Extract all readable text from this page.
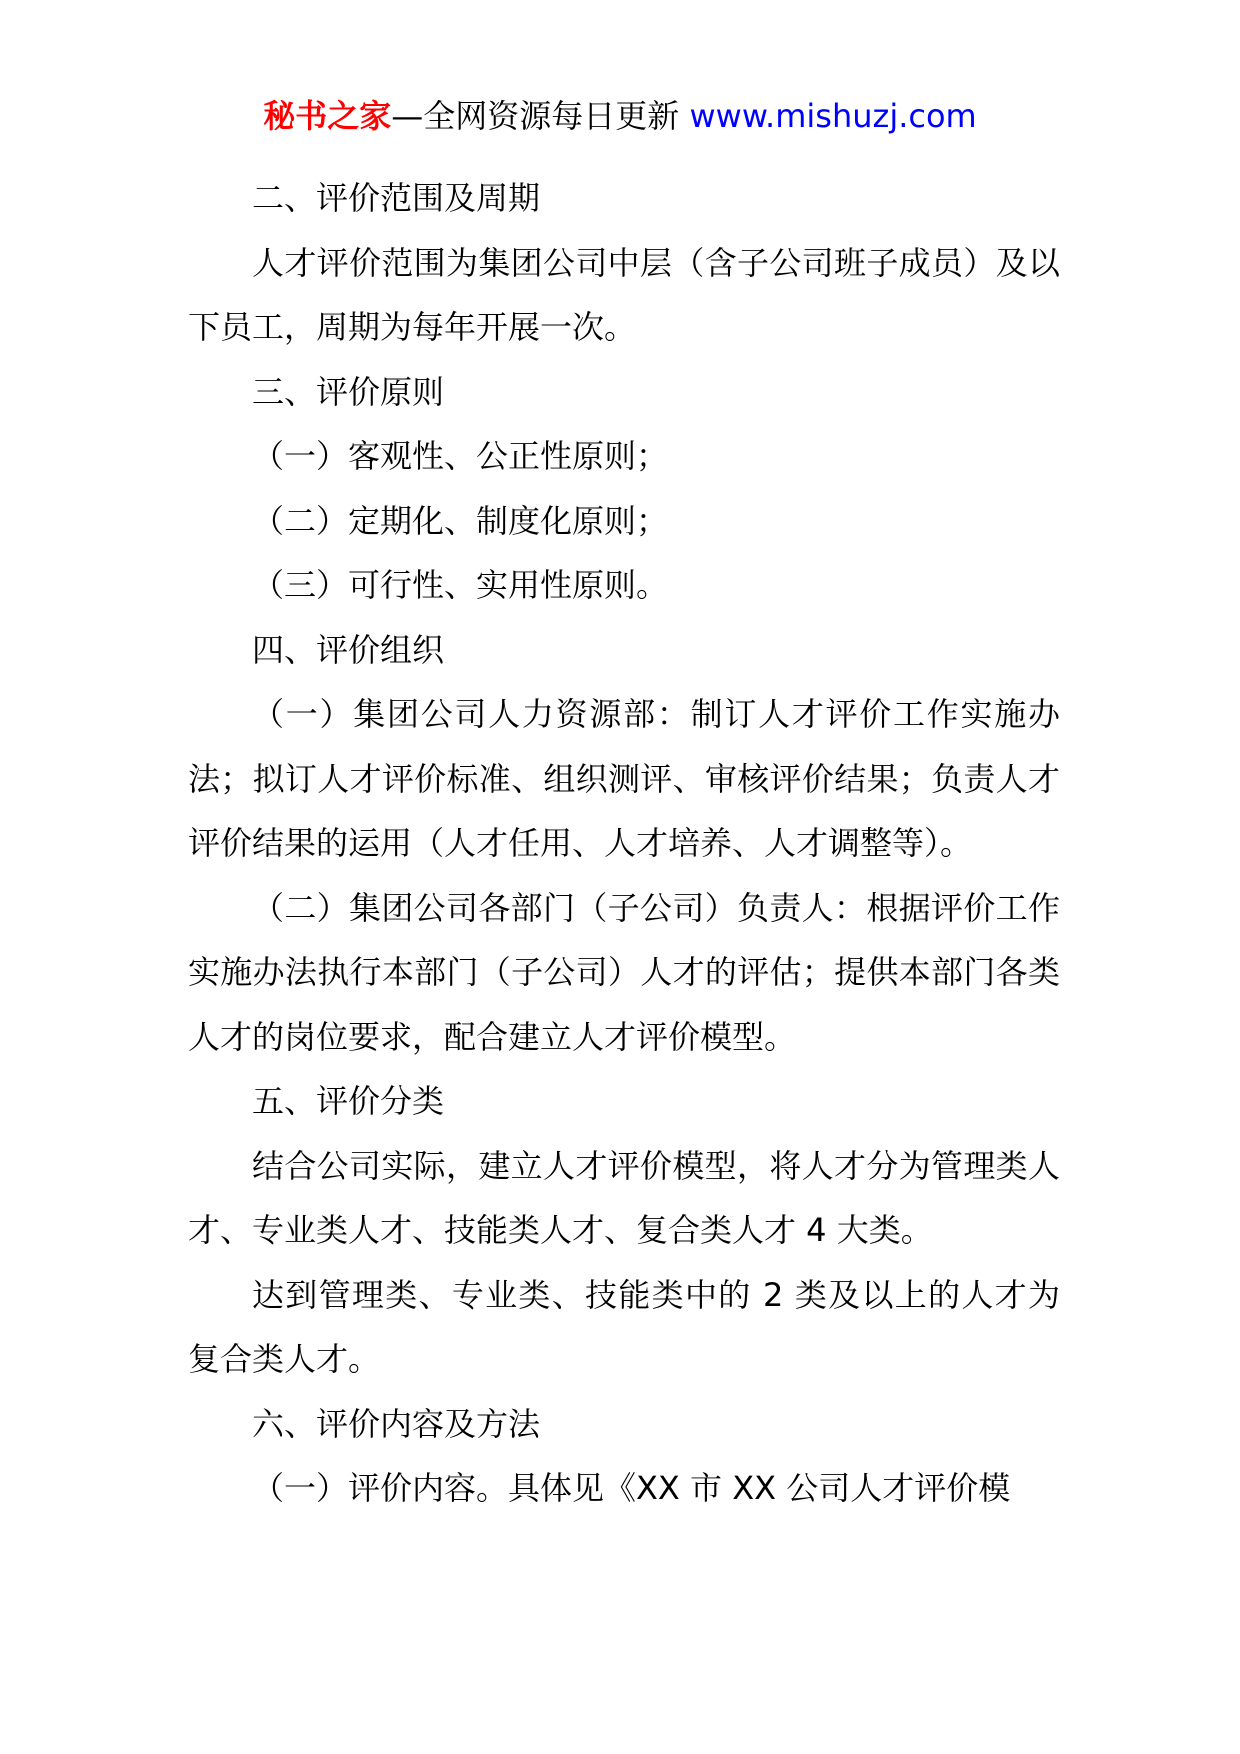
秘书之家—全网资源每日更新 www.mishuzj.com

二、评价范围及周期

人才评价范围为集团公司中层（含子公司班子成员）及以下员工，周期为每年开展一次。

三、评价原则

（一）客观性、公正性原则；

（二）定期化、制度化原则；

（三）可行性、实用性原则。

四、评价组织

（一）集团公司人力资源部：制订人才评价工作实施办法；拟订人才评价标准、组织测评、审核评价结果；负责人才评价结果的运用（人才任用、人才培养、人才调整等）。

（二）集团公司各部门（子公司）负责人：根据评价工作实施办法执行本部门（子公司）人才的评估；提供本部门各类人才的岗位要求，配合建立人才评价模型。

五、评价分类

结合公司实际，建立人才评价模型，将人才分为管理类人才、专业类人才、技能类人才、复合类人才 4 大类。

达到管理类、专业类、技能类中的 2 类及以上的人才为复合类人才。

六、评价内容及方法

（一）评价内容。具体见《XX 市 XX 公司人才评价模
